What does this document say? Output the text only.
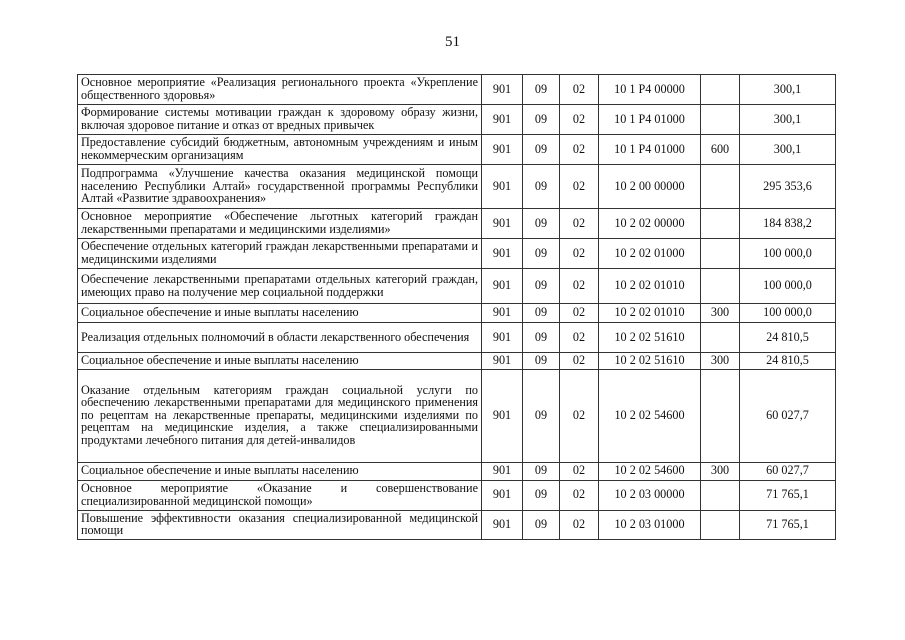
51
Основное мероприятие «Реализация регионального проекта «Укрепление общественного здоровья»	901	09	02	10 1 P4 00000		300,1
Формирование системы мотивации граждан к здоровому образу жизни, включая здоровое питание и отказ от вредных привычек	901	09	02	10 1 P4 01000		300,1
Предоставление субсидий бюджетным, автономным учреждениям и иным некоммерческим организациям	901	09	02	10 1 P4 01000	600	300,1
Подпрограмма «Улучшение качества оказания медицинской помощи населению Республики Алтай» государственной программы Республики Алтай «Развитие здравоохранения»	901	09	02	10 2 00 00000		295 353,6
Основное мероприятие «Обеспечение льготных категорий граждан лекарственными препаратами и медицинскими изделиями»	901	09	02	10 2 02 00000		184 838,2
Обеспечение отдельных категорий граждан лекарственными препаратами и медицинскими изделиями	901	09	02	10 2 02 01000		100 000,0
Обеспечение лекарственными препаратами отдельных категорий граждан, имеющих право на получение мер социальной поддержки	901	09	02	10 2 02 01010		100 000,0
Социальное обеспечение и иные выплаты населению	901	09	02	10 2 02 01010	300	100 000,0
Реализация отдельных полномочий в области лекарственного обеспечения	901	09	02	10 2 02 51610		24 810,5
Социальное обеспечение и иные выплаты населению	901	09	02	10 2 02 51610	300	24 810,5
Оказание отдельным категориям граждан социальной услуги по обеспечению лекарственными препаратами для медицинского применения по рецептам на лекарственные препараты, медицинскими изделиями по рецептам на медицинские изделия, а также специализированными продуктами лечебного питания для детей-инвалидов	901	09	02	10 2 02 54600		60 027,7
Социальное обеспечение и иные выплаты населению	901	09	02	10 2 02 54600	300	60 027,7
Основное мероприятие «Оказание и совершенствование специализированной медицинской помощи»	901	09	02	10 2 03 00000		71 765,1
Повышение эффективности оказания специализированной медицинской помощи	901	09	02	10 2 03 01000		71 765,1
